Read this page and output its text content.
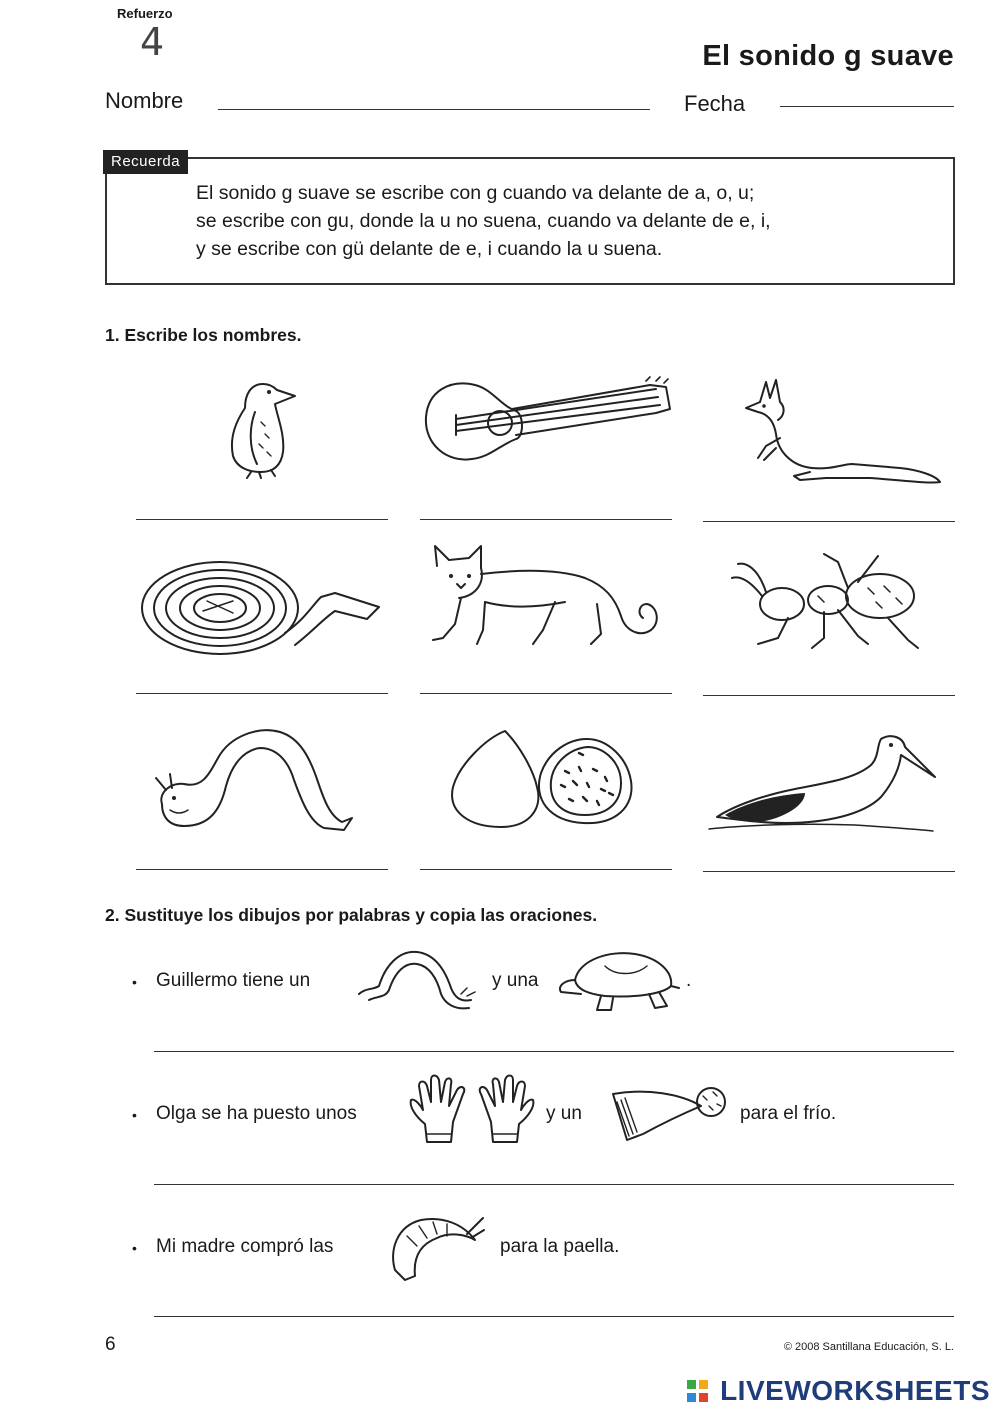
Refuerzo
4	El sonido g suave
Nombre	Fecha
Recuerda
El sonido g suave se escribe con g cuando va delante de a, o, u;
se escribe con gu, donde la u no suena, cuando va delante de e, i,
y se escribe con gü delante de e, i cuando la u suena.
1. Escribe los nombres.
2. Sustituye los dibujos por palabras y copia las oraciones.
• Guillermo tiene un	y una	.
• Olga se ha puesto unos	y un	para el frío.
• Mi madre compró las	para la paella.
6	© 2008 Santillana Educación, S. L.
LIVEWORKSHEETS
